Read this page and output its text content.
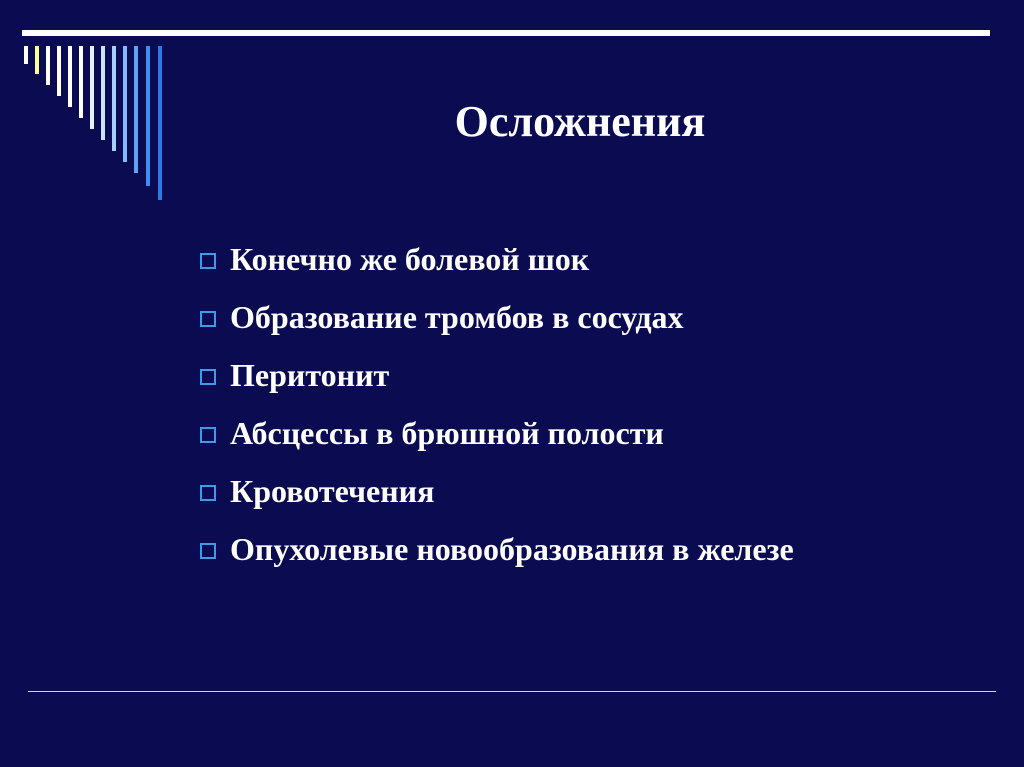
Осложнения
Конечно же болевой шок
Образование тромбов в сосудах
Перитонит
Абсцессы в брюшной полости
Кровотечения
Опухолевые новообразования в железе
